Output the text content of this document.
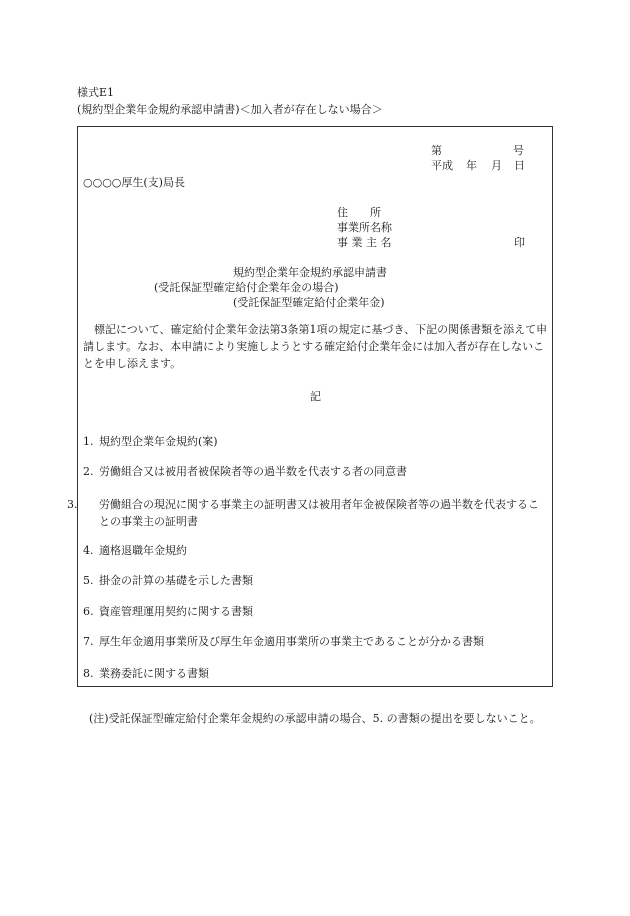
様式E1
(規約型企業年金規約承認申請書)＜加入者が存在しない場合＞
第	号
平成 年 月 日
○○○○厚生(支)局長
住　　所
事業所名称
事 業 主 名	印
規約型企業年金規約承認申請書
(受託保証型確定給付企業年金の場合)
(受託保証型確定給付企業年金)
標記について、確定給付企業年金法第3条第1項の規定に基づき、下記の関係書類を添えて申請します。なお、本申請により実施しようとする確定給付企業年金には加入者が存在しないことを申し添えます。
記
1. 規約型企業年金規約(案)
2. 労働組合又は被用者被保険者等の過半数を代表する者の同意書
3. 労働組合の現況に関する事業主の証明書又は被用者年金被保険者等の過半数を代表することの事業主の証明書
4. 適格退職年金規約
5. 掛金の計算の基礎を示した書類
6. 資産管理運用契約に関する書類
7. 厚生年金適用事業所及び厚生年金適用事業所の事業主であることが分かる書類
8. 業務委託に関する書類
(注)受託保証型確定給付企業年金規約の承認申請の場合、5. の書類の提出を要しないこと。
